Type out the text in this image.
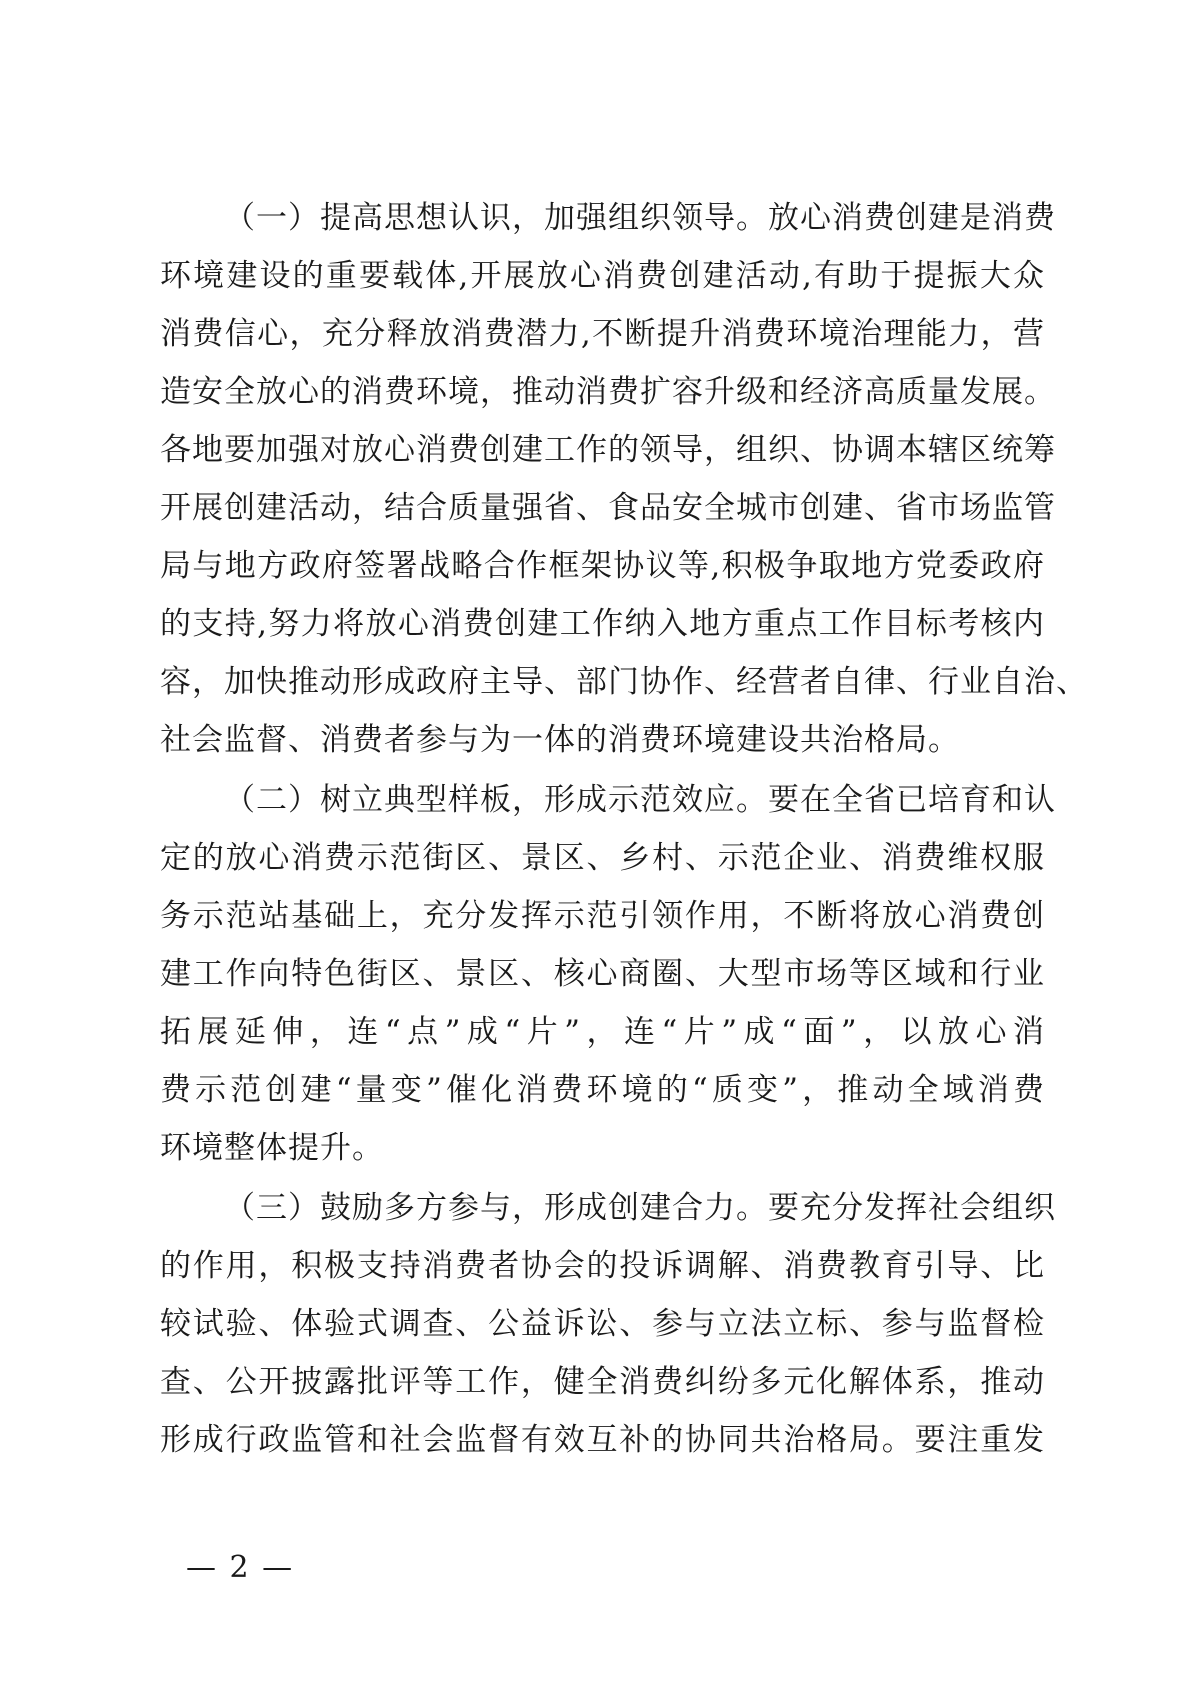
（一）提高思想认识，加强组织领导。放心消费创建是消费
环境建设的重要载体,开展放心消费创建活动,有助于提振大众
消费信心，充分释放消费潜力,不断提升消费环境治理能力，营
造安全放心的消费环境，推动消费扩容升级和经济高质量发展。
各地要加强对放心消费创建工作的领导，组织、协调本辖区统筹
开展创建活动，结合质量强省、食品安全城市创建、省市场监管
局与地方政府签署战略合作框架协议等,积极争取地方党委政府
的支持,努力将放心消费创建工作纳入地方重点工作目标考核内
容，加快推动形成政府主导、部门协作、经营者自律、行业自治、
社会监督、消费者参与为一体的消费环境建设共治格局。
（二）树立典型样板，形成示范效应。要在全省已培育和认
定的放心消费示范街区、景区、乡村、示范企业、消费维权服
务示范站基础上，充分发挥示范引领作用，不断将放心消费创
建工作向特色街区、景区、核心商圈、大型市场等区域和行业
拓展延伸，连“点”成“片”，连“片”成“面”，以放心消
费示范创建“量变”催化消费环境的“质变”，推动全域消费
环境整体提升。
（三）鼓励多方参与，形成创建合力。要充分发挥社会组织
的作用，积极支持消费者协会的投诉调解、消费教育引导、比
较试验、体验式调查、公益诉讼、参与立法立标、参与监督检
查、公开披露批评等工作，健全消费纠纷多元化解体系，推动
形成行政监管和社会监督有效互补的协同共治格局。要注重发
— 2 —
